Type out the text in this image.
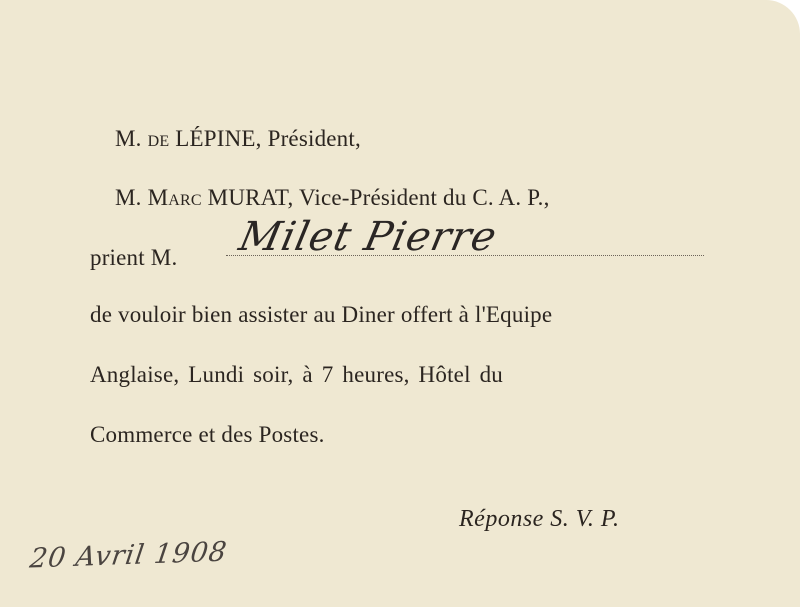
M. de LÉPINE, Président,
M. Marc MURAT, Vice-Président du C. A. P.,
prient M. Milet Pierre
de vouloir bien assister au Diner offert à l'Equipe
Anglaise, Lundi soir, à 7 heures, Hôtel du
Commerce et des Postes.
Réponse S. V. P.
20 Avril 1908
